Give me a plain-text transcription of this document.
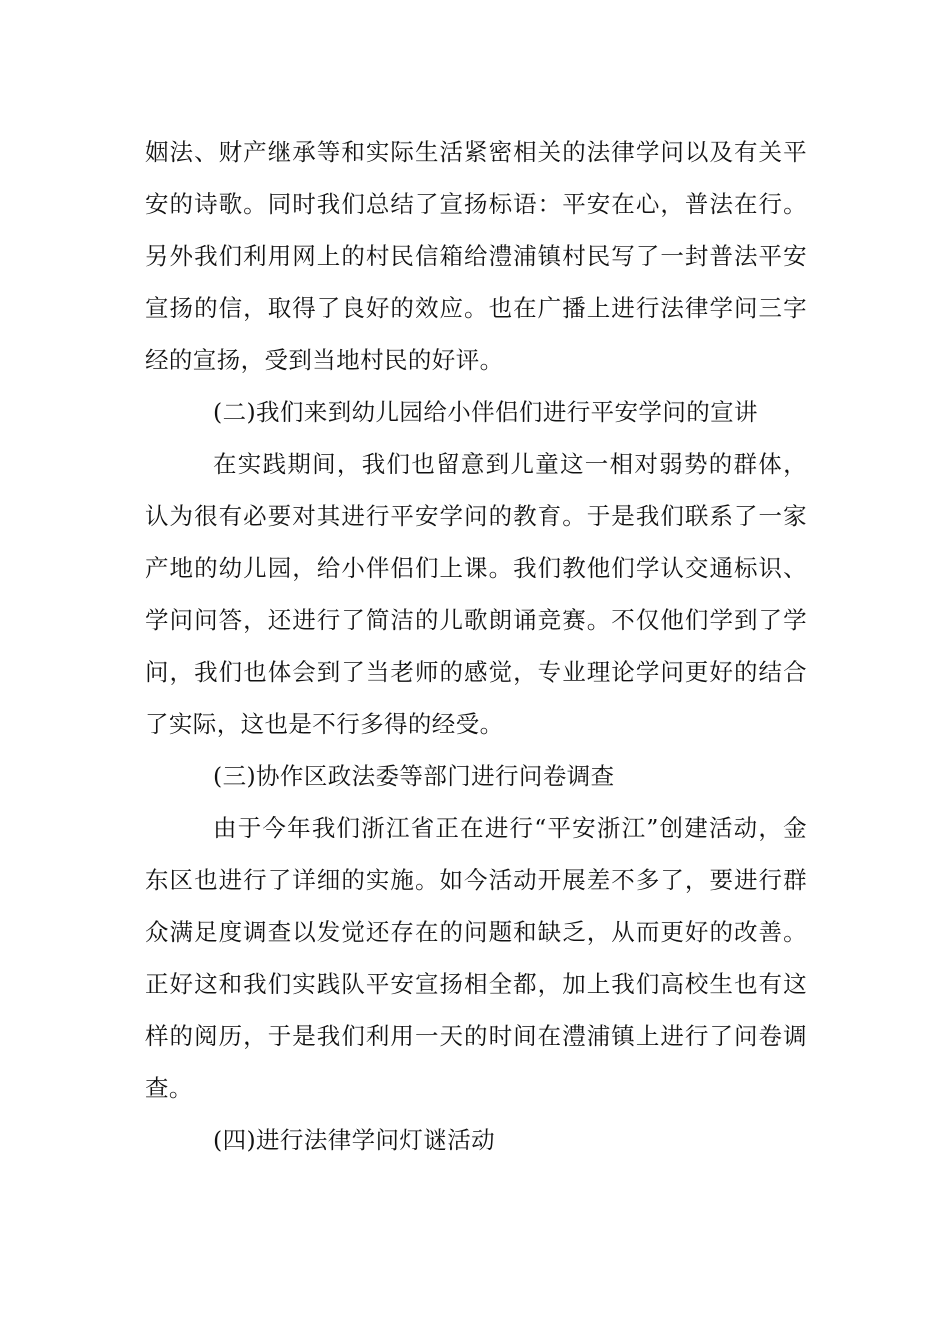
姻法、财产继承等和实际生活紧密相关的法律学问以及有关平安的诗歌。同时我们总结了宣扬标语：平安在心，普法在行。另外我们利用网上的村民信箱给澧浦镇村民写了一封普法平安宣扬的信，取得了良好的效应。也在广播上进行法律学问三字经的宣扬，受到当地村民的好评。

(二)我们来到幼儿园给小伴侣们进行平安学问的宣讲

在实践期间，我们也留意到儿童这一相对弱势的群体，认为很有必要对其进行平安学问的教育。于是我们联系了一家产地的幼儿园，给小伴侣们上课。我们教他们学认交通标识、学问问答，还进行了简洁的儿歌朗诵竞赛。不仅他们学到了学问，我们也体会到了当老师的感觉，专业理论学问更好的结合了实际，这也是不行多得的经受。

(三)协作区政法委等部门进行问卷调查

由于今年我们浙江省正在进行“平安浙江”创建活动，金东区也进行了详细的实施。如今活动开展差不多了，要进行群众满足度调查以发觉还存在的问题和缺乏，从而更好的改善。正好这和我们实践队平安宣扬相全都，加上我们高校生也有这样的阅历，于是我们利用一天的时间在澧浦镇上进行了问卷调查。

(四)进行法律学问灯谜活动
